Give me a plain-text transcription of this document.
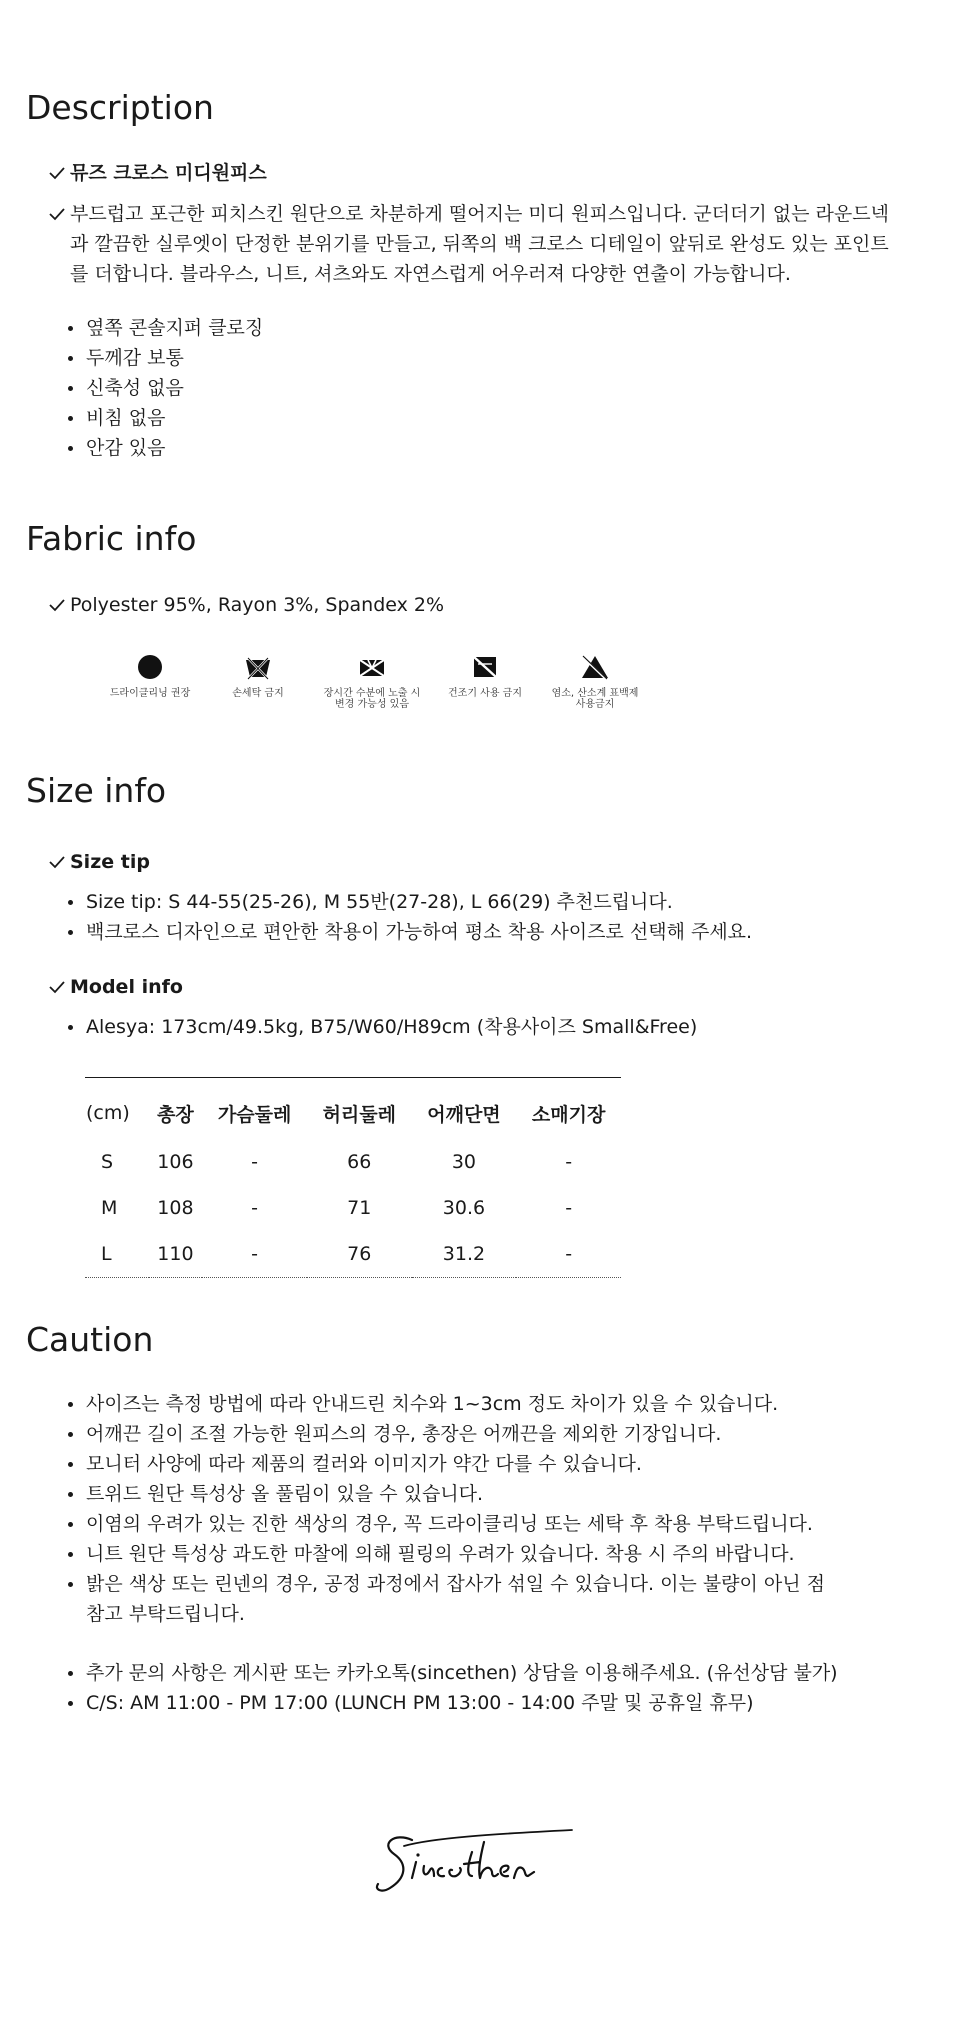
Description
뮤즈 크로스 미디원피스
부드럽고 포근한 피치스킨 원단으로 차분하게 떨어지는 미디 원피스입니다. 군더더기 없는 라운드넥
과 깔끔한 실루엣이 단정한 분위기를 만들고, 뒤쪽의 백 크로스 디테일이 앞뒤로 완성도 있는 포인트
를 더합니다. 블라우스, 니트, 셔츠와도 자연스럽게 어우러져 다양한 연출이 가능합니다.
옆쪽 콘솔지퍼 클로징
두께감 보통
신축성 없음
비침 없음
안감 있음
Fabric info
Polyester 95%, Rayon 3%, Spandex 2%
드라이클리닝 권장	손세탁 금지	장시간 수분에 노출 시
변경 가능성 있음
건조기 사용 금지	염소, 산소계 표백제
사용금지
Size info
Size tip
Size tip: S 44-55(25-26), M 55반(27-28), L 66(29) 추천드립니다.
백크로스 디자인으로 편안한 착용이 가능하여 평소 착용 사이즈로 선택해 주세요.
Model info
Alesya: 173cm/49.5kg, B75/W60/H89cm (착용사이즈 Small&Free)
(cm)	총장	가슴둘레	허리둘레	어깨단면	소매기장
S	106	-	66	30	-
M	108	-	71	30.6	-
L	110	-	76	31.2	-
Caution
사이즈는 측정 방법에 따라 안내드린 치수와 1~3cm 정도 차이가 있을 수 있습니다.
어깨끈 길이 조절 가능한 원피스의 경우, 총장은 어깨끈을 제외한 기장입니다.
모니터 사양에 따라 제품의 컬러와 이미지가 약간 다를 수 있습니다.
트위드 원단 특성상 올 풀림이 있을 수 있습니다.
이염의 우려가 있는 진한 색상의 경우, 꼭 드라이클리닝 또는 세탁 후 착용 부탁드립니다.
니트 원단 특성상 과도한 마찰에 의해 필링의 우려가 있습니다. 착용 시 주의 바랍니다.
밝은 색상 또는 린넨의 경우, 공정 과정에서 잡사가 섞일 수 있습니다. 이는 불량이 아닌 점
참고 부탁드립니다.
추가 문의 사항은 게시판 또는 카카오톡(sincethen) 상담을 이용해주세요. (유선상담 불가)
C/S: AM 11:00 - PM 17:00 (LUNCH PM 13:00 - 14:00 주말 및 공휴일 휴무)
Sincethen
